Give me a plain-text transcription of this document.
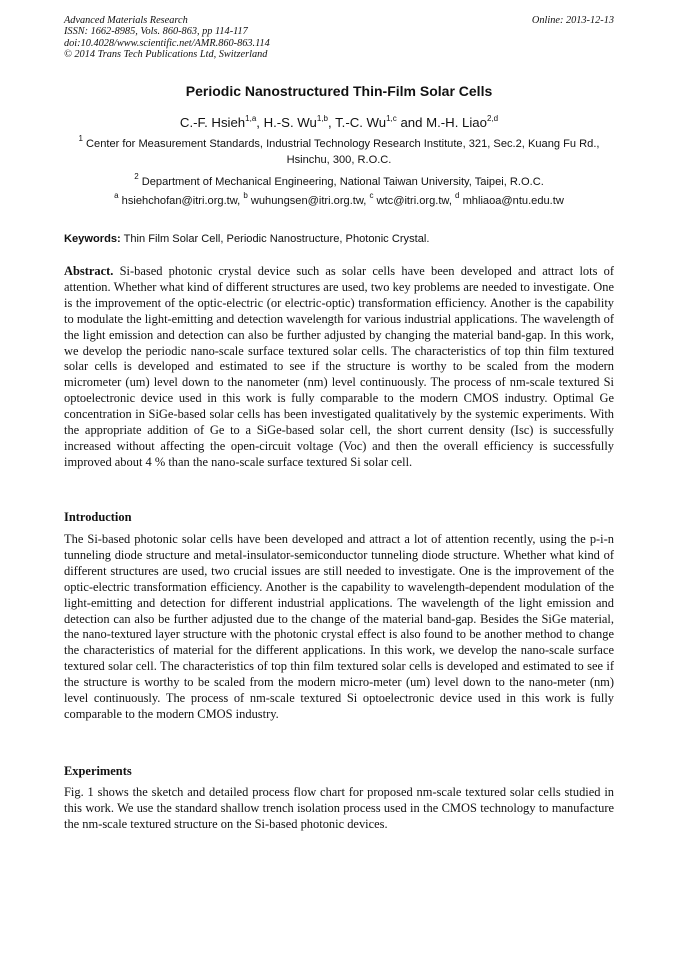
Advanced Materials Research
ISSN: 1662-8985, Vols. 860-863, pp 114-117
doi:10.4028/www.scientific.net/AMR.860-863.114
© 2014 Trans Tech Publications Ltd, Switzerland
Online: 2013-12-13
Periodic Nanostructured Thin-Film Solar Cells
C.-F. Hsieh$^{1,a}$, H.-S. Wu$^{1,b}$, T.-C. Wu$^{1,c}$ and M.-H. Liao$^{2,d}$
$^1$ Center for Measurement Standards, Industrial Technology Research Institute, 321, Sec.2, Kuang Fu Rd., Hsinchu, 300, R.O.C.
$^2$ Department of Mechanical Engineering, National Taiwan University, Taipei, R.O.C.
$^a$ hsiehchofan@itri.org.tw, $^b$ wuhungsen@itri.org.tw, $^c$ wtc@itri.org.tw, $^d$ mhliaoa@ntu.edu.tw
Keywords: Thin Film Solar Cell, Periodic Nanostructure, Photonic Crystal.

Abstract. Si-based photonic crystal device such as solar cells have been developed and attract lots of attention. Whether what kind of different structures are used, two key problems are needed to investigate. One is the improvement of the optic-electric (or electric-optic) transformation efficiency. Another is the capability to modulate the light-emitting and detection wavelength for various industrial applications. The wavelength of the light emission and detection can also be further adjusted by changing the material band-gap. In this work, we develop the periodic nano-scale surface textured solar cells. The characteristics of top thin film textured solar cells is developed and estimated to see if the structure is worthy to be scaled from the modern micrometer (um) level down to the nanometer (nm) level continuously. The process of nm-scale textured Si optoelectronic device used in this work is fully comparable to the modern CMOS industry. Optimal Ge concentration in SiGe-based solar cells has been investigated qualitatively by the systemic experiments. With the appropriate addition of Ge to a SiGe-based solar cell, the short current density (Isc) is successfully increased without affecting the open-circuit voltage (Voc) and then the overall efficiency is successfully improved about 4 % than the nano-scale surface textured Si solar cell.

Introduction

The Si-based photonic solar cells have been developed and attract a lot of attention recently, using the p-i-n tunneling diode structure and metal-insulator-semiconductor tunneling diode structure. Whether what kind of different structures are used, two crucial issues are still needed to investigate. One is the improvement of the optic-electric transformation efficiency. Another is the capability to wavelength-dependent modulation of the light-emitting and detection for different industrial applications. The wavelength of the light emission and detection can also be further adjusted due to the change of the material band-gap. Besides the SiGe material, the nano-textured layer structure with the photonic crystal effect is also found to be another method to change the characteristics of material for the different applications. In this work, we develop the nano-scale surface textured solar cell. The characteristics of top thin film textured solar cells is developed and estimated to see if the structure is worthy to be scaled from the modern micro-meter (um) level down to the nano-meter (nm) level continuously. The process of nm-scale textured Si optoelectronic device used in this work is fully comparable to the modern CMOS industry.

Experiments

Fig. 1 shows the sketch and detailed process flow chart for proposed nm-scale textured solar cells studied in this work. We use the standard shallow trench isolation process used in the CMOS technology to manufacture the nm-scale textured structure on the Si-based photonic devices.
